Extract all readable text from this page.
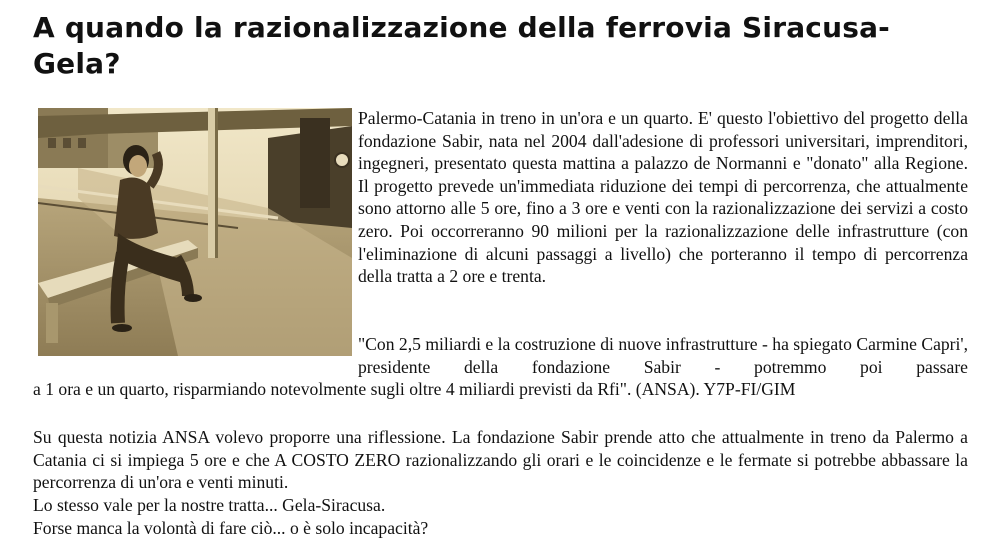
A quando la razionalizzazione della ferrovia Siracusa-Gela?

Palermo-Catania in treno in un'ora e un quarto. E' questo l'obiettivo del progetto della fondazione Sabir, nata nel 2004 dall'adesione di professori universitari, imprenditori, ingegneri, presentato questa mattina a palazzo de Normanni e "donato" alla Regione. Il progetto prevede un'immediata riduzione dei tempi di percorrenza, che attualmente sono attorno alle 5 ore, fino a 3 ore e venti con la razionalizzazione dei servizi a costo zero. Poi occorreranno 90 milioni per la razionalizzazione delle infrastrutture (con l'eliminazione di alcuni passaggi a livello) che porteranno il tempo di percorrenza della tratta a 2 ore e trenta.

"Con 2,5 miliardi e la costruzione di nuove infrastrutture - ha spiegato Carmine Capri', presidente della fondazione Sabir - potremmo poi passare

a 1 ora e un quarto, risparmiando notevolmente sugli oltre 4 miliardi previsti da Rfi". (ANSA). Y7P-FI/GIM

Su questa notizia ANSA volevo proporre una riflessione. La fondazione Sabir prende atto che attualmente in treno da Palermo a Catania ci si impiega 5 ore e che A COSTO ZERO razionalizzando gli orari e le coincidenze e le fermate si potrebbe abbassare la percorrenza di un'ora e venti minuti.

Lo stesso vale per la nostre tratta... Gela-Siracusa.

Forse manca la volontà di fare ciò... o è solo incapacità?
